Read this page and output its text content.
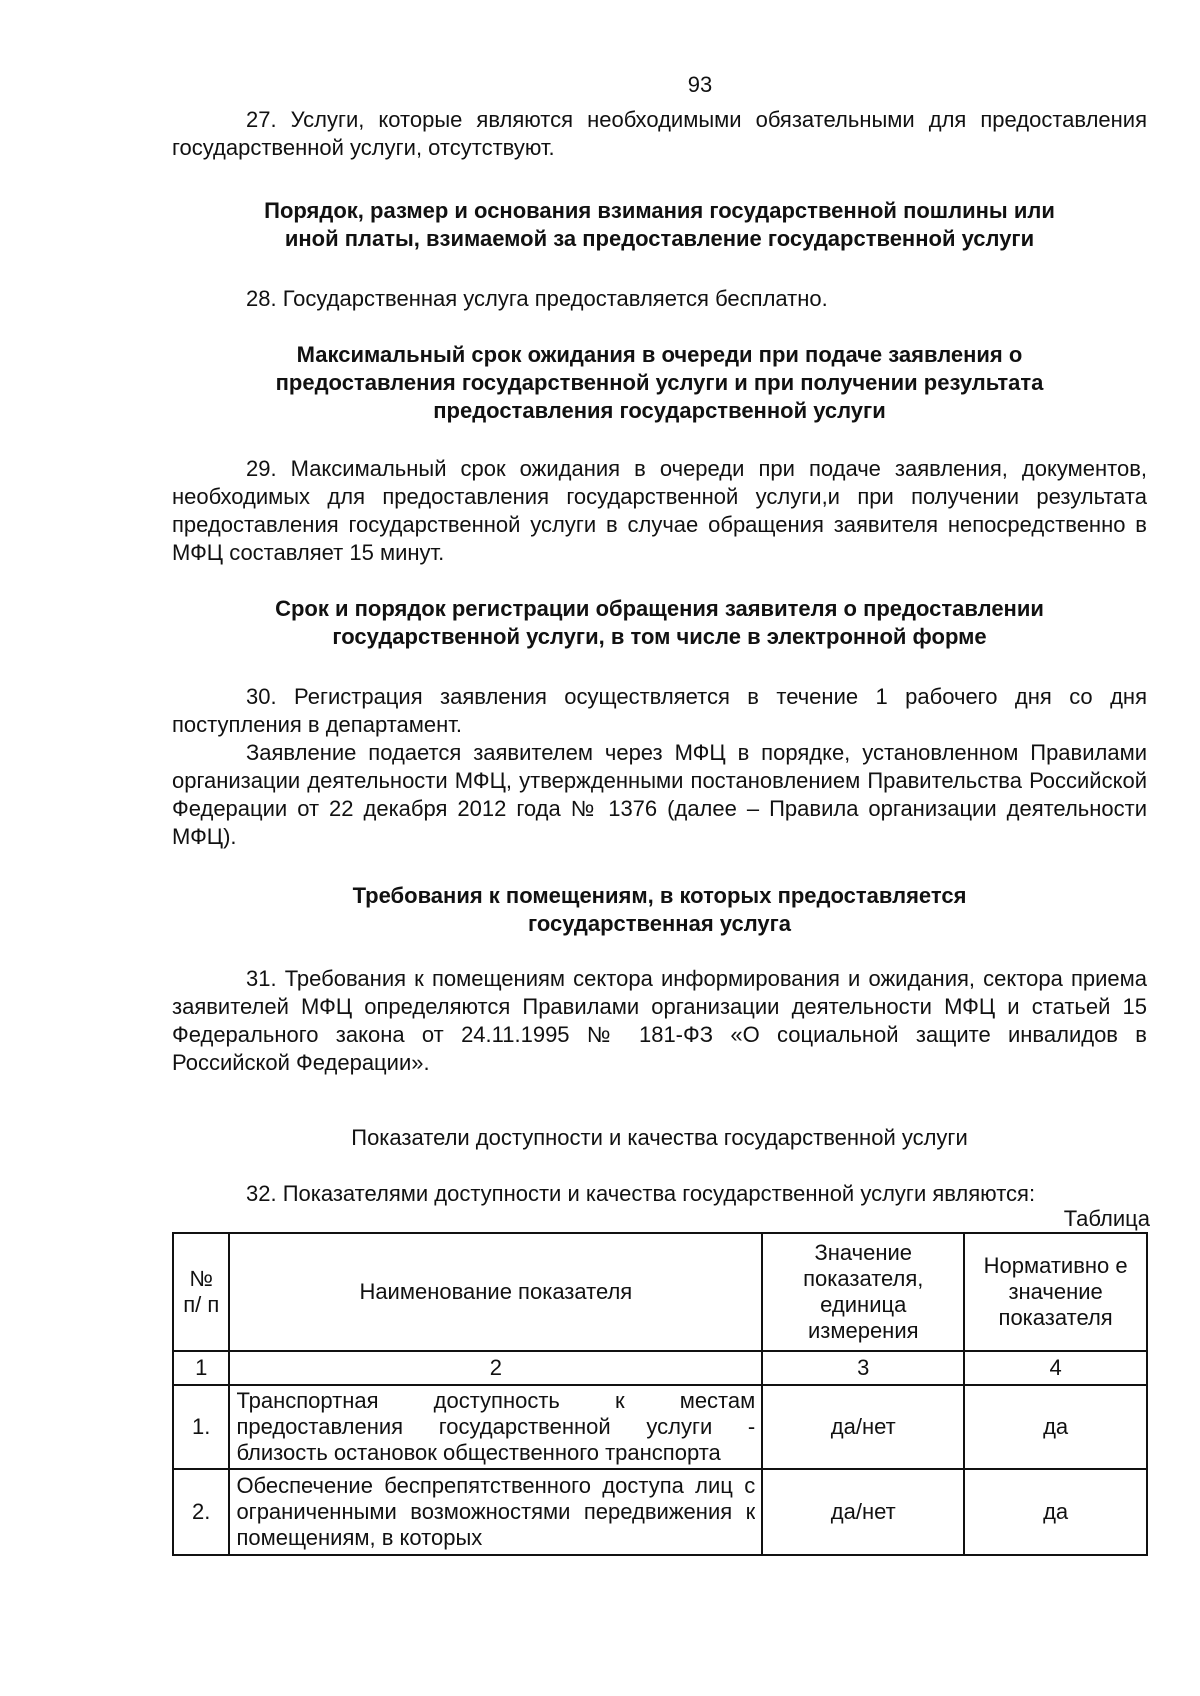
93

27. Услуги, которые являются необходимыми обязательными для предоставления государственной услуги, отсутствуют.

Порядок, размер и основания взимания государственной пошлины или
иной платы, взимаемой за предоставление государственной услуги

28. Государственная услуга предоставляется бесплатно.

Максимальный срок ожидания в очереди при подаче заявления о
предоставления государственной услуги и при получении результата
предоставления государственной услуги

29. Максимальный срок ожидания в очереди при подаче заявления, документов, необходимых для предоставления государственной услуги,и при получении результата предоставления государственной услуги в случае обращения заявителя непосредственно в МФЦ составляет 15 минут.

Срок и порядок регистрации обращения заявителя о предоставлении
государственной услуги, в том числе в электронной форме

30. Регистрация заявления осуществляется в течение 1 рабочего дня со дня поступления в департамент.

Заявление подается заявителем через МФЦ в порядке, установленном Правилами организации деятельности МФЦ, утвержденными постановлением Правительства Российской Федерации от 22 декабря 2012 года № 1376 (далее – Правила организации деятельности МФЦ).

Требования к помещениям, в которых предоставляется
государственная услуга

31. Требования к помещениям сектора информирования и ожидания, сектора приема заявителей МФЦ определяются Правилами организации деятельности МФЦ и статьей 15 Федерального закона от 24.11.1995 № 181-ФЗ «О социальной защите инвалидов в Российской Федерации».

Показатели доступности и качества государственной услуги

32. Показателями доступности и качества государственной услуги являются:

Таблица
№ п/ п	Наименование показателя	Значение показателя, единица измерения	Нормативно е значение показателя
1	2	3	4
1.	Транспортная доступность к местам предоставления государственной услуги - близость остановок общественного транспорта	да/нет	да
2.	Обеспечение беспрепятственного доступа лиц с ограниченными возможностями передвижения к помещениям, в которых	да/нет	да
